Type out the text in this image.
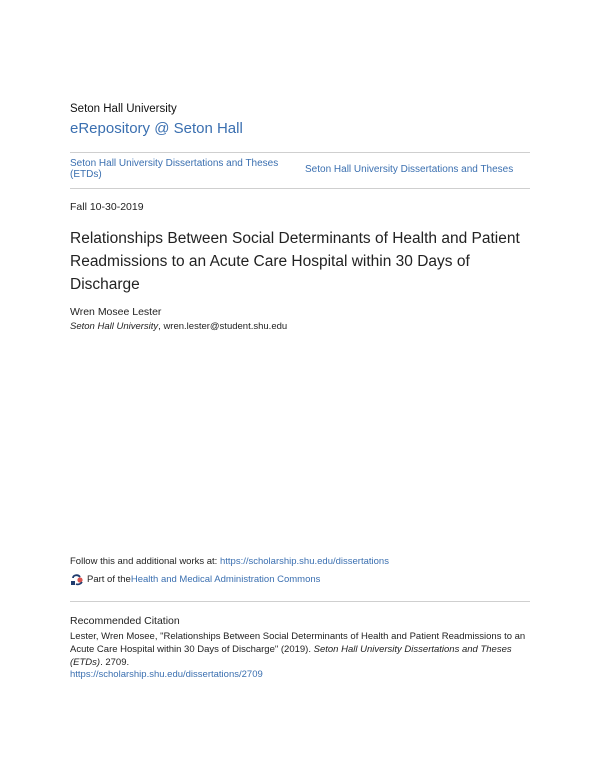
Seton Hall University
eRepository @ Seton Hall
Seton Hall University Dissertations and Theses (ETDs)	Seton Hall University Dissertations and Theses
Fall 10-30-2019
Relationships Between Social Determinants of Health and Patient Readmissions to an Acute Care Hospital within 30 Days of Discharge
Wren Mosee Lester
Seton Hall University, wren.lester@student.shu.edu
Follow this and additional works at: https://scholarship.shu.edu/dissertations
Part of the Health and Medical Administration Commons
Recommended Citation

Lester, Wren Mosee, "Relationships Between Social Determinants of Health and Patient Readmissions to an Acute Care Hospital within 30 Days of Discharge" (2019). Seton Hall University Dissertations and Theses (ETDs). 2709.

https://scholarship.shu.edu/dissertations/2709
